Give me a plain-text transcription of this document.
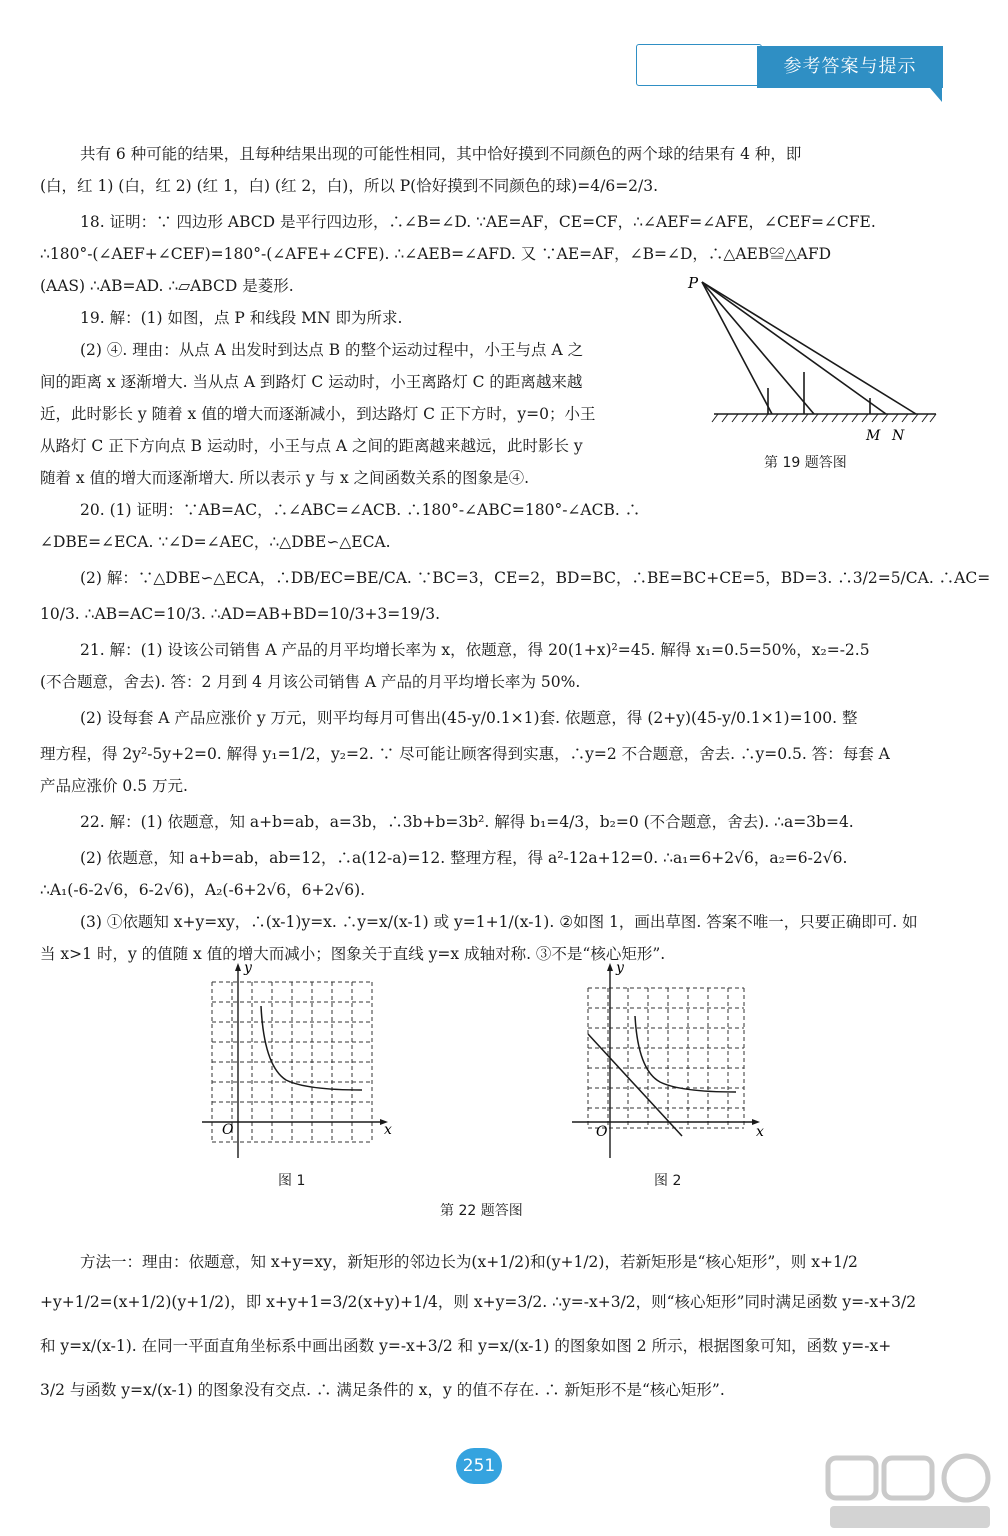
参考答案与提示
共有 6 种可能的结果，且每种结果出现的可能性相同，其中恰好摸到不同颜色的两个球的结果有 4 种，即
(白，红 1) (白，红 2) (红 1，白) (红 2，白)，所以 P(恰好摸到不同颜色的球)=4/6=2/3.
18. 证明：∵ 四边形 ABCD 是平行四边形，∴∠B=∠D. ∵AE=AF，CE=CF，∴∠AEF=∠AFE，∠CEF=∠CFE.
∴180°-(∠AEF+∠CEF)=180°-(∠AFE+∠CFE). ∴∠AEB=∠AFD. 又 ∵AE=AF，∠B=∠D，∴△AEB≌△AFD
(AAS) ∴AB=AD. ∴▱ABCD 是菱形.
19. 解：(1) 如图，点 P 和线段 MN 即为所求.
(2) ④. 理由：从点 A 出发时到达点 B 的整个运动过程中，小王与点 A 之
间的距离 x 逐渐增大. 当从点 A 到路灯 C 运动时，小王离路灯 C 的距离越来越
近，此时影长 y 随着 x 值的增大而逐渐减小，到达路灯 C 正下方时，y=0；小王
从路灯 C 正下方向点 B 运动时，小王与点 A 之间的距离越来越远，此时影长 y
随着 x 值的增大而逐渐增大. 所以表示 y 与 x 之间函数关系的图象是④.
20. (1) 证明：∵AB=AC，∴∠ABC=∠ACB. ∴180°-∠ABC=180°-∠ACB. ∴
∠DBE=∠ECA. ∵∠D=∠AEC，∴△DBE∽△ECA.
(2) 解：∵△DBE∽△ECA，∴DB/EC=BE/CA. ∵BC=3，CE=2，BD=BC，∴BE=BC+CE=5，BD=3. ∴3/2=5/CA. ∴AC=
10/3. ∴AB=AC=10/3. ∴AD=AB+BD=10/3+3=19/3.
21. 解：(1) 设该公司销售 A 产品的月平均增长率为 x，依题意，得 20(1+x)²=45. 解得 x₁=0.5=50%，x₂=-2.5
(不合题意，舍去). 答：2 月到 4 月该公司销售 A 产品的月平均增长率为 50%.
(2) 设每套 A 产品应涨价 y 万元，则平均每月可售出(45-y/0.1×1)套. 依题意，得 (2+y)(45-y/0.1×1)=100. 整
理方程，得 2y²-5y+2=0. 解得 y₁=1/2，y₂=2. ∵ 尽可能让顾客得到实惠，∴y=2 不合题意，舍去. ∴y=0.5. 答：每套 A
产品应涨价 0.5 万元.
22. 解：(1) 依题意，知 a+b=ab，a=3b，∴3b+b=3b². 解得 b₁=4/3，b₂=0 (不合题意，舍去). ∴a=3b=4.
(2) 依题意，知 a+b=ab，ab=12，∴a(12-a)=12. 整理方程，得 a²-12a+12=0. ∴a₁=6+2√6，a₂=6-2√6.
∴A₁(-6-2√6，6-2√6)，A₂(-6+2√6，6+2√6).
(3) ①依题知 x+y=xy，∴(x-1)y=x. ∴y=x/(x-1) 或 y=1+1/(x-1). ②如图 1，画出草图. 答案不唯一，只要正确即可. 如
当 x>1 时，y 的值随 x 值的增大而减小；图象关于直线 y=x 成轴对称. ③不是“核心矩形”.
方法一：理由：依题意，知 x+y=xy，新矩形的邻边长为(x+1/2)和(y+1/2)，若新矩形是“核心矩形”，则 x+1/2
+y+1/2=(x+1/2)(y+1/2)，即 x+y+1=3/2(x+y)+1/4，则 x+y=3/2. ∴y=-x+3/2，则“核心矩形”同时满足函数 y=-x+3/2
和 y=x/(x-1). 在同一平面直角坐标系中画出函数 y=-x+3/2 和 y=x/(x-1) 的图象如图 2 所示，根据图象可知，函数 y=-x+
3/2 与函数 y=x/(x-1) 的图象没有交点. ∴ 满足条件的 x，y 的值不存在. ∴ 新矩形不是“核心矩形”.
P
M N
第 19 题答图
y
x
O
图 1
y
x
O
图 2
第 22 题答图
251
